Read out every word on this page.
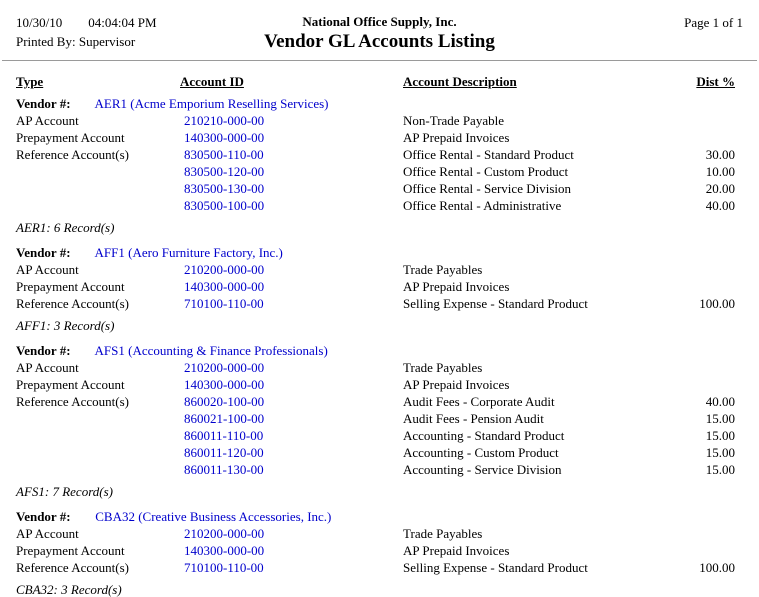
10/30/10 04:04:04 PM
Printed By: Supervisor
National Office Supply, Inc.
Vendor GL Accounts Listing
Page 1 of 1
Type	Account ID	Account Description	Dist %
Vendor #: AER1 (Acme Emporium Reselling Services)
AP Account	210210-000-00	Non-Trade Payable
Prepayment Account	140300-000-00	AP Prepaid Invoices
Reference Account(s)	830500-110-00	Office Rental - Standard Product	30.00
830500-120-00	Office Rental - Custom Product	10.00
830500-130-00	Office Rental - Service Division	20.00
830500-100-00	Office Rental - Administrative	40.00
AER1: 6 Record(s)
Vendor #: AFF1 (Aero Furniture Factory, Inc.)
AP Account	210200-000-00	Trade Payables
Prepayment Account	140300-000-00	AP Prepaid Invoices
Reference Account(s)	710100-110-00	Selling Expense - Standard Product	100.00
AFF1: 3 Record(s)
Vendor #: AFS1 (Accounting & Finance Professionals)
AP Account	210200-000-00	Trade Payables
Prepayment Account	140300-000-00	AP Prepaid Invoices
Reference Account(s)	860020-100-00	Audit Fees - Corporate Audit	40.00
860021-100-00	Audit Fees - Pension Audit	15.00
860011-110-00	Accounting - Standard Product	15.00
860011-120-00	Accounting - Custom Product	15.00
860011-130-00	Accounting - Service Division	15.00
AFS1: 7 Record(s)
Vendor #: CBA32 (Creative Business Accessories, Inc.)
AP Account	210200-000-00	Trade Payables
Prepayment Account	140300-000-00	AP Prepaid Invoices
Reference Account(s)	710100-110-00	Selling Expense - Standard Product	100.00
CBA32: 3 Record(s)
